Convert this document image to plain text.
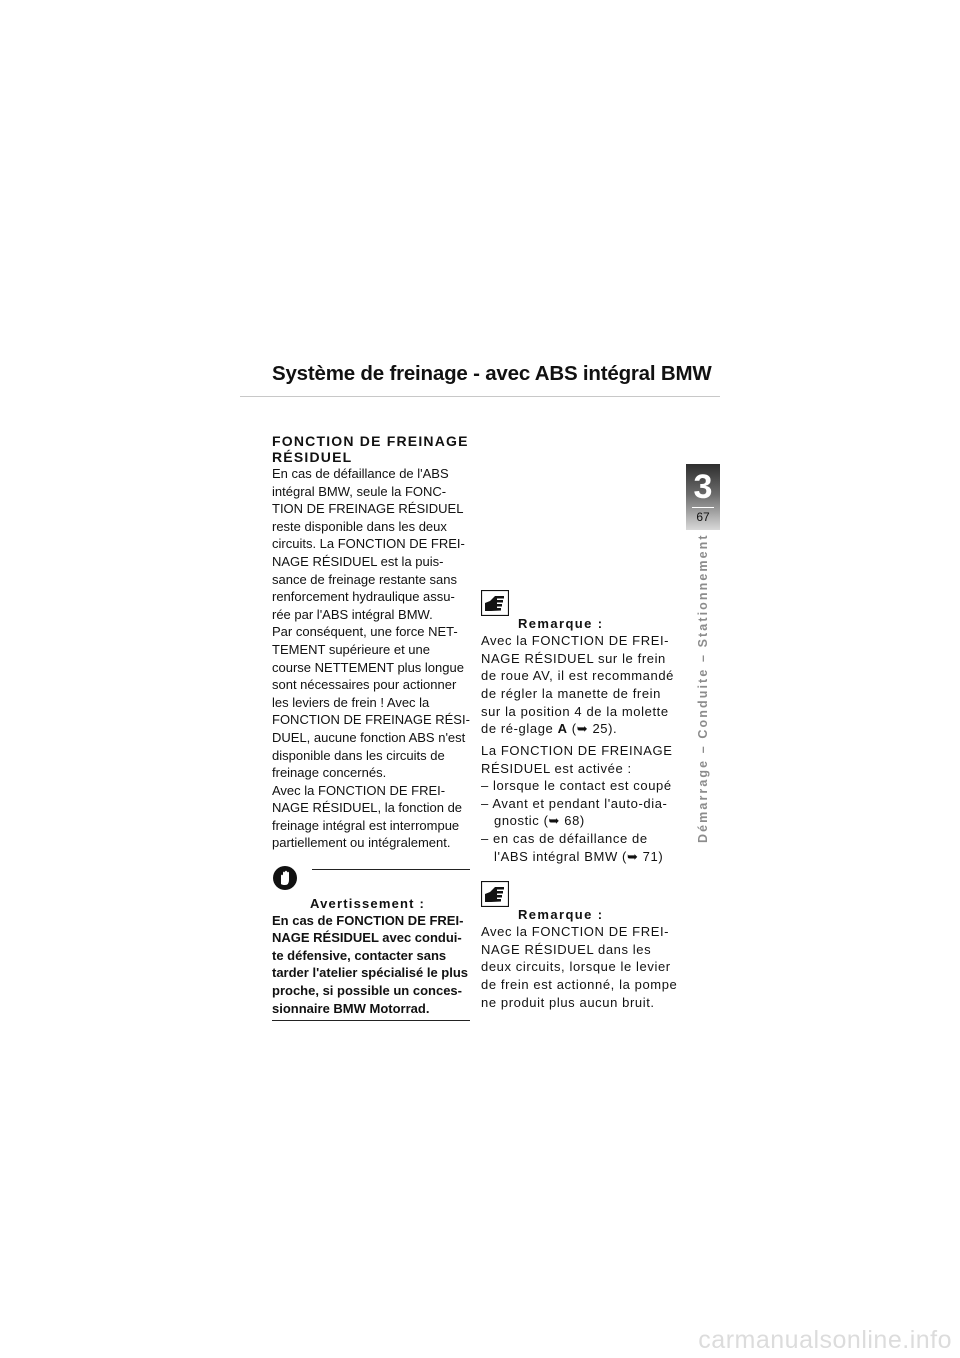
Système de freinage - avec ABS intégral BMW
FONCTION DE FREINAGE RÉSIDUEL

En cas de défaillance de l'ABS intégral BMW, seule la FONC-TION DE FREINAGE RÉSIDUEL reste disponible dans les deux circuits. La FONCTION DE FREI-NAGE RÉSIDUEL est la puis-sance de freinage restante sans renforcement hydraulique assu-rée par l'ABS intégral BMW.

Par conséquent, une force NET-TEMENT supérieure et une course NETTEMENT plus longue sont nécessaires pour actionner les leviers de frein ! Avec la FONCTION DE FREINAGE RÉSI-DUEL, aucune fonction ABS n'est disponible dans les circuits de freinage concernés.

Avec la FONCTION DE FREI-NAGE RÉSIDUEL, la fonction de freinage intégral est interrompue partiellement ou intégralement.

Avertissement :

En cas de FONCTION DE FREI-NAGE RÉSIDUEL avec condui-te défensive, contacter sans tarder l'atelier spécialisé le plus proche, si possible un conces-sionnaire BMW Motorrad.

Remarque :

Avec la FONCTION DE FREI-NAGE RÉSIDUEL sur le frein de roue AV, il est recommandé de régler la manette de frein sur la position 4 de la molette de ré-glage A (➥ 25).

La FONCTION DE FREINAGE RÉSIDUEL est activée :

– lorsque le contact est coupé
– Avant et pendant l'auto-dia-gnostic (➥ 68)
– en cas de défaillance de l'ABS intégral BMW (➥ 71)
Remarque :

Avec la FONCTION DE FREI-NAGE RÉSIDUEL dans les deux circuits, lorsque le levier de frein est actionné, la pompe ne produit plus aucun bruit.

3
67
Démarrage – Conduite – Stationnement
carmanualsonline.info
